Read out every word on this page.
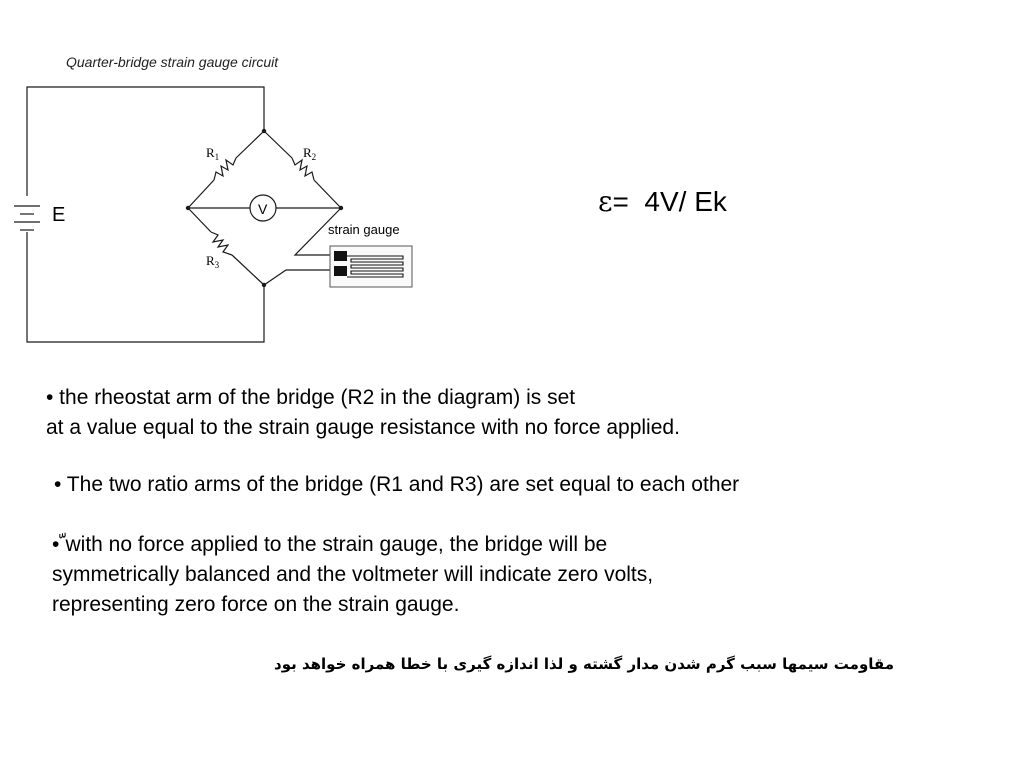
Quarter-bridge strain gauge circuit
E	V
$R_1$	$R_2$
$R_3$
strain gauge
ε=  4V/ Ek
• the rheostat arm of the bridge (R2 in the diagram) is set
at a value equal to the strain gauge resistance with no force applied.
• The two ratio arms of the bridge (R1 and R3) are set equal to each other
• ّwith no force applied to the strain gauge, the bridge will be
symmetrically balanced and the voltmeter will indicate zero volts,
representing zero force on the strain gauge.
مقاومت سیمها سبب گرم شدن مدار گشته و لذا اندازه گیری با خطا همراه خواهد بود
